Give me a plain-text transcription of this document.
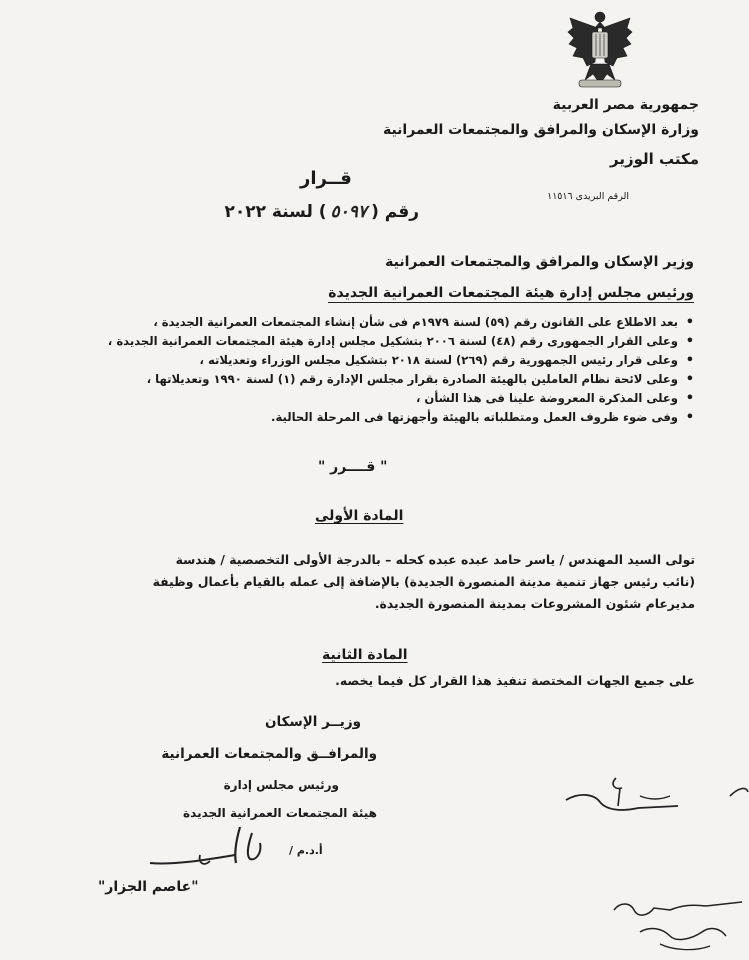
جمهورية مصر العربية
وزارة الإسكان والمرافق والمجتمعات العمرانية
مكتب الوزير
الرقم البريدى ١١٥١٦
قــرار
رقم (٥٠٩٧) لسنة ٢٠٢٢
وزير الإسكان والمرافق والمجتمعات العمرانية
ورئيس مجلس إدارة هيئة المجتمعات العمرانية الجديدة
• بعد الاطلاع على القانون رقم (٥٩) لسنة ١٩٧٩م فى شأن إنشاء المجتمعات العمرانية الجديدة ،
• وعلى القرار الجمهورى رقم (٤٨) لسنة ٢٠٠٦ بتشكيل مجلس إدارة هيئة المجتمعات العمرانية الجديدة ،
• وعلى قرار رئيس الجمهورية رقم (٢٦٩) لسنة ٢٠١٨ بتشكيل مجلس الوزراء وتعديلاته ،
• وعلى لائحة نظام العاملين بالهيئة الصادرة بقرار مجلس الإدارة رقم (١) لسنة ١٩٩٠ وتعديلاتها ،
• وعلى المذكرة المعروضة علينا فى هذا الشأن ،
• وفى ضوء ظروف العمل ومتطلباته بالهيئة وأجهزتها فى المرحلة الحالية.
" قــــرر "
المادة الأولى
تولى السيد المهندس / ياسر حامد عبده عبده كحله – بالدرجة الأولى التخصصية / هندسة
(نائب رئيس جهاز تنمية مدينة المنصورة الجديدة) بالإضافة إلى عمله بالقيام بأعمال وظيفة
مديرعام شئون المشروعات بمدينة المنصورة الجديدة.
المادة الثانية
على جميع الجهات المختصة تنفيذ هذا القرار كل فيما يخصه.
وزيــر الإسكان
والمرافــق والمجتمعات العمرانية
ورئيس مجلس إدارة
هيئة المجتمعات العمرانية الجديدة
أ.د.م /
"عاصم الجزار"
